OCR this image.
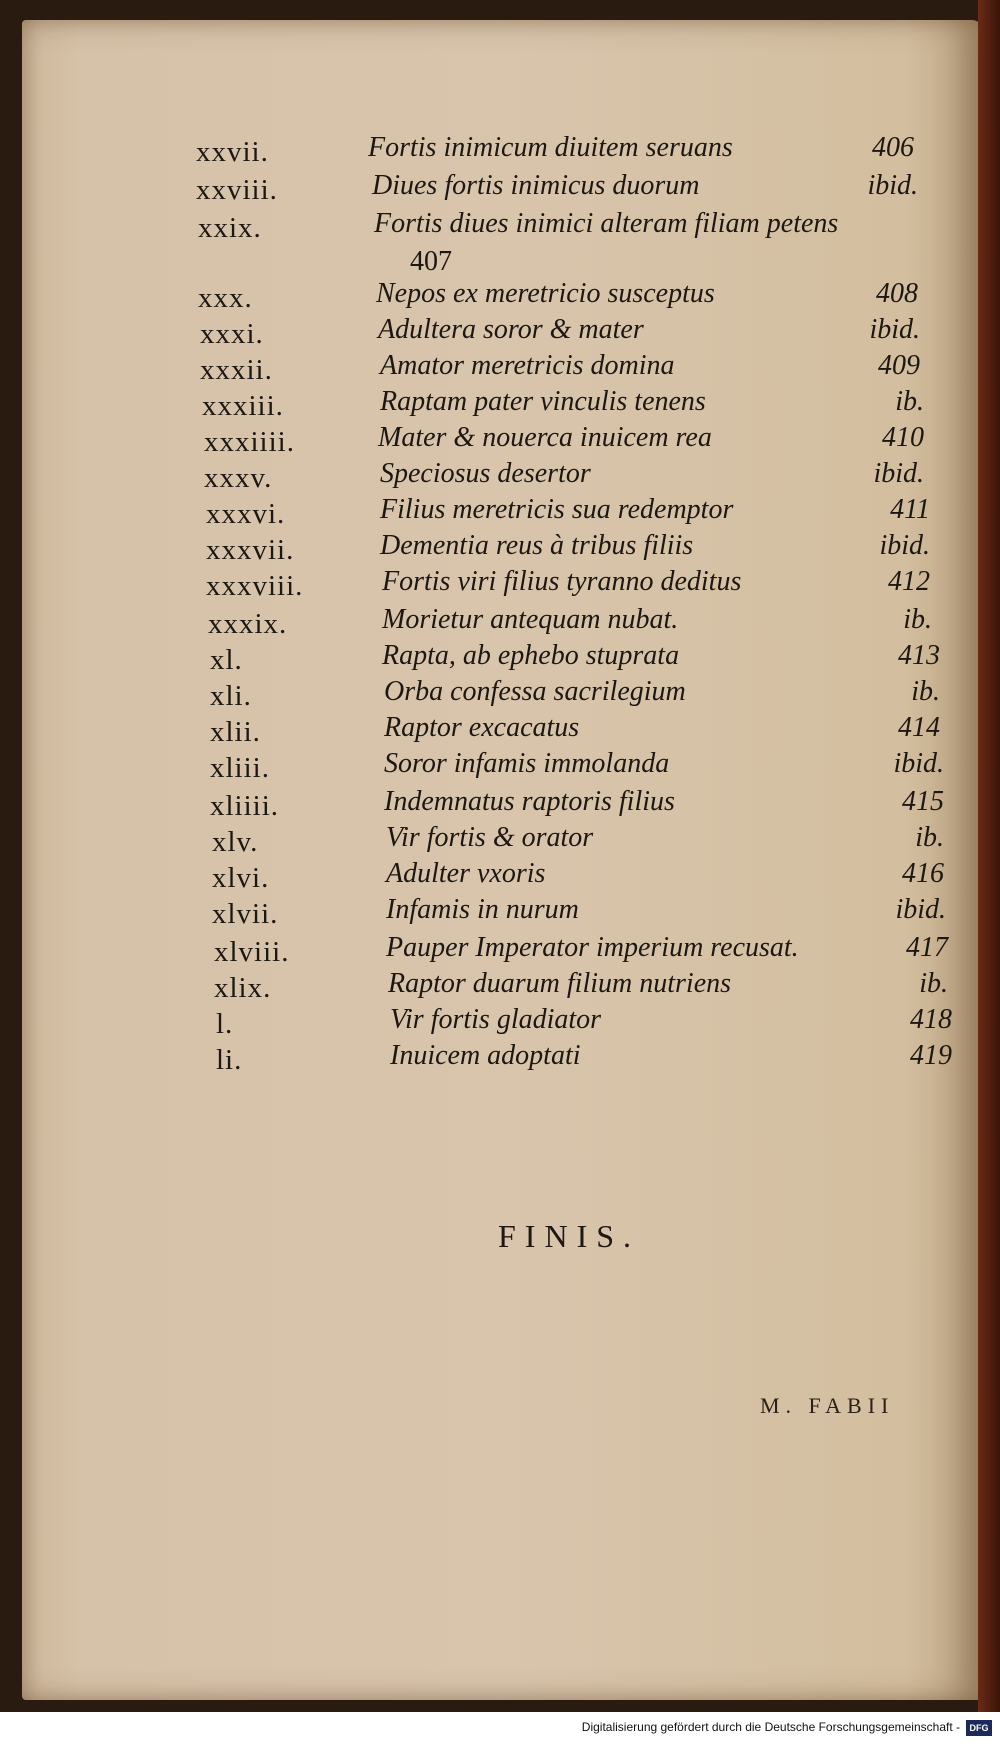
xxvii.	Fortis inimicum diuitem seruans	406
xxviii.	Diues fortis inimicus duorum	ibid.
xxix.	Fortis diues inimici alteram filiam petens
407
xxx.	Nepos ex meretricio susceptus	408
xxxi.	Adultera soror & mater	ibid.
xxxii.	Amator meretricis domina	409
xxxiii.	Raptam pater vinculis tenens	ib.
xxxiiii.	Mater & nouerca inuicem rea	410
xxxv.	Speciosus desertor	ibid.
xxxvi.	Filius meretricis sua redemptor	411
xxxvii.	Dementia reus à tribus filiis	ibid.
xxxviii.	Fortis viri filius tyranno deditus	412
xxxix.	Morietur antequam nubat.	ib.
xl.	Rapta, ab ephebo stuprata	413
xli.	Orba confessa sacrilegium	ib.
xlii.	Raptor excacatus	414
xliii.	Soror infamis immolanda	ibid.
xliiii.	Indemnatus raptoris filius	415
xlv.	Vir fortis & orator	ib.
xlvi.	Adulter vxoris	416
xlvii.	Infamis in nurum	ibid.
xlviii.	Pauper Imperator imperium recusat.	417
xlix.	Raptor duarum filium nutriens	ib.
l.	Vir fortis gladiator	418
li.	Inuicem adoptati	419
FINIS.
M. FABII
Digitalisierung gefördert durch die Deutsche Forschungsgemeinschaft -	DFG
